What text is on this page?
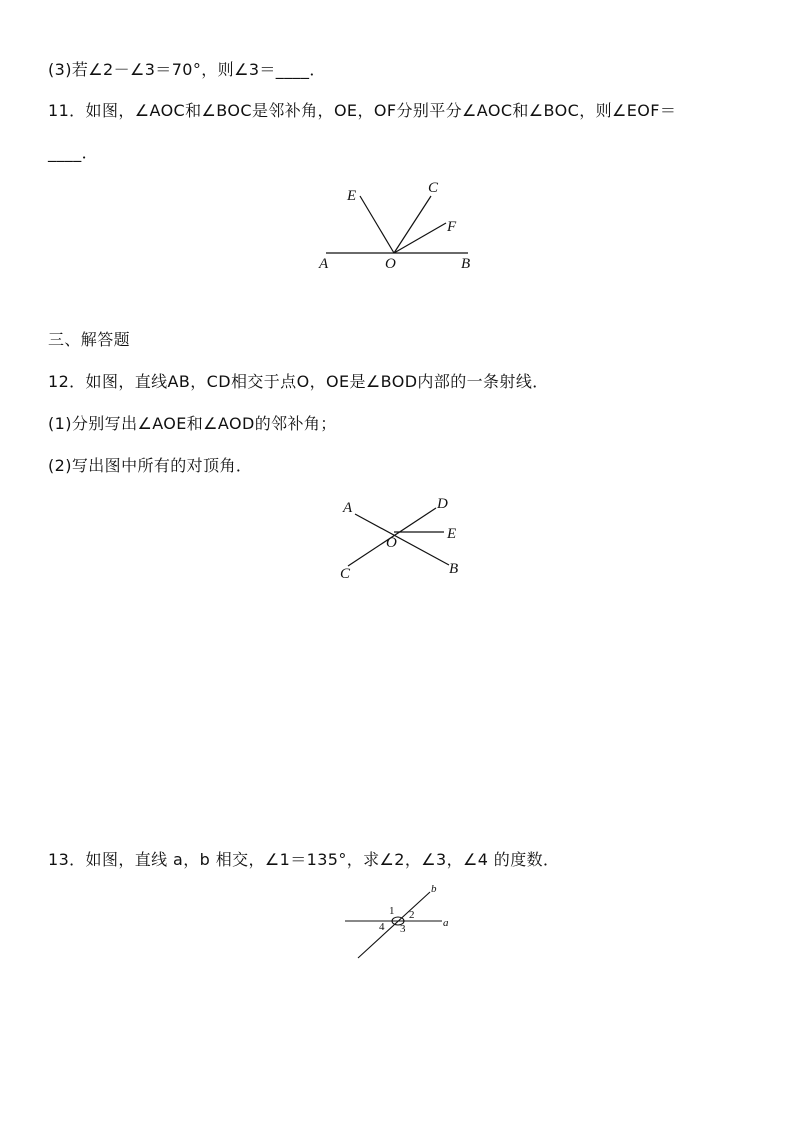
(3)若∠2－∠3＝70°，则∠3＝____．
11．如图，∠AOC和∠BOC是邻补角，OE，OF分别平分∠AOC和∠BOC，则∠EOF＝
____．
E	C
F
A	O	B
三、解答题
12．如图，直线AB，CD相交于点O，OE是∠BOD内部的一条射线．
(1)分别写出∠AOE和∠AOD的邻补角；
(2)写出图中所有的对顶角．
A	D
E
O
C	B
13．如图，直线 a，b 相交，∠1＝135°，求∠2，∠3，∠4 的度数．
b
a
1 2
3
4
